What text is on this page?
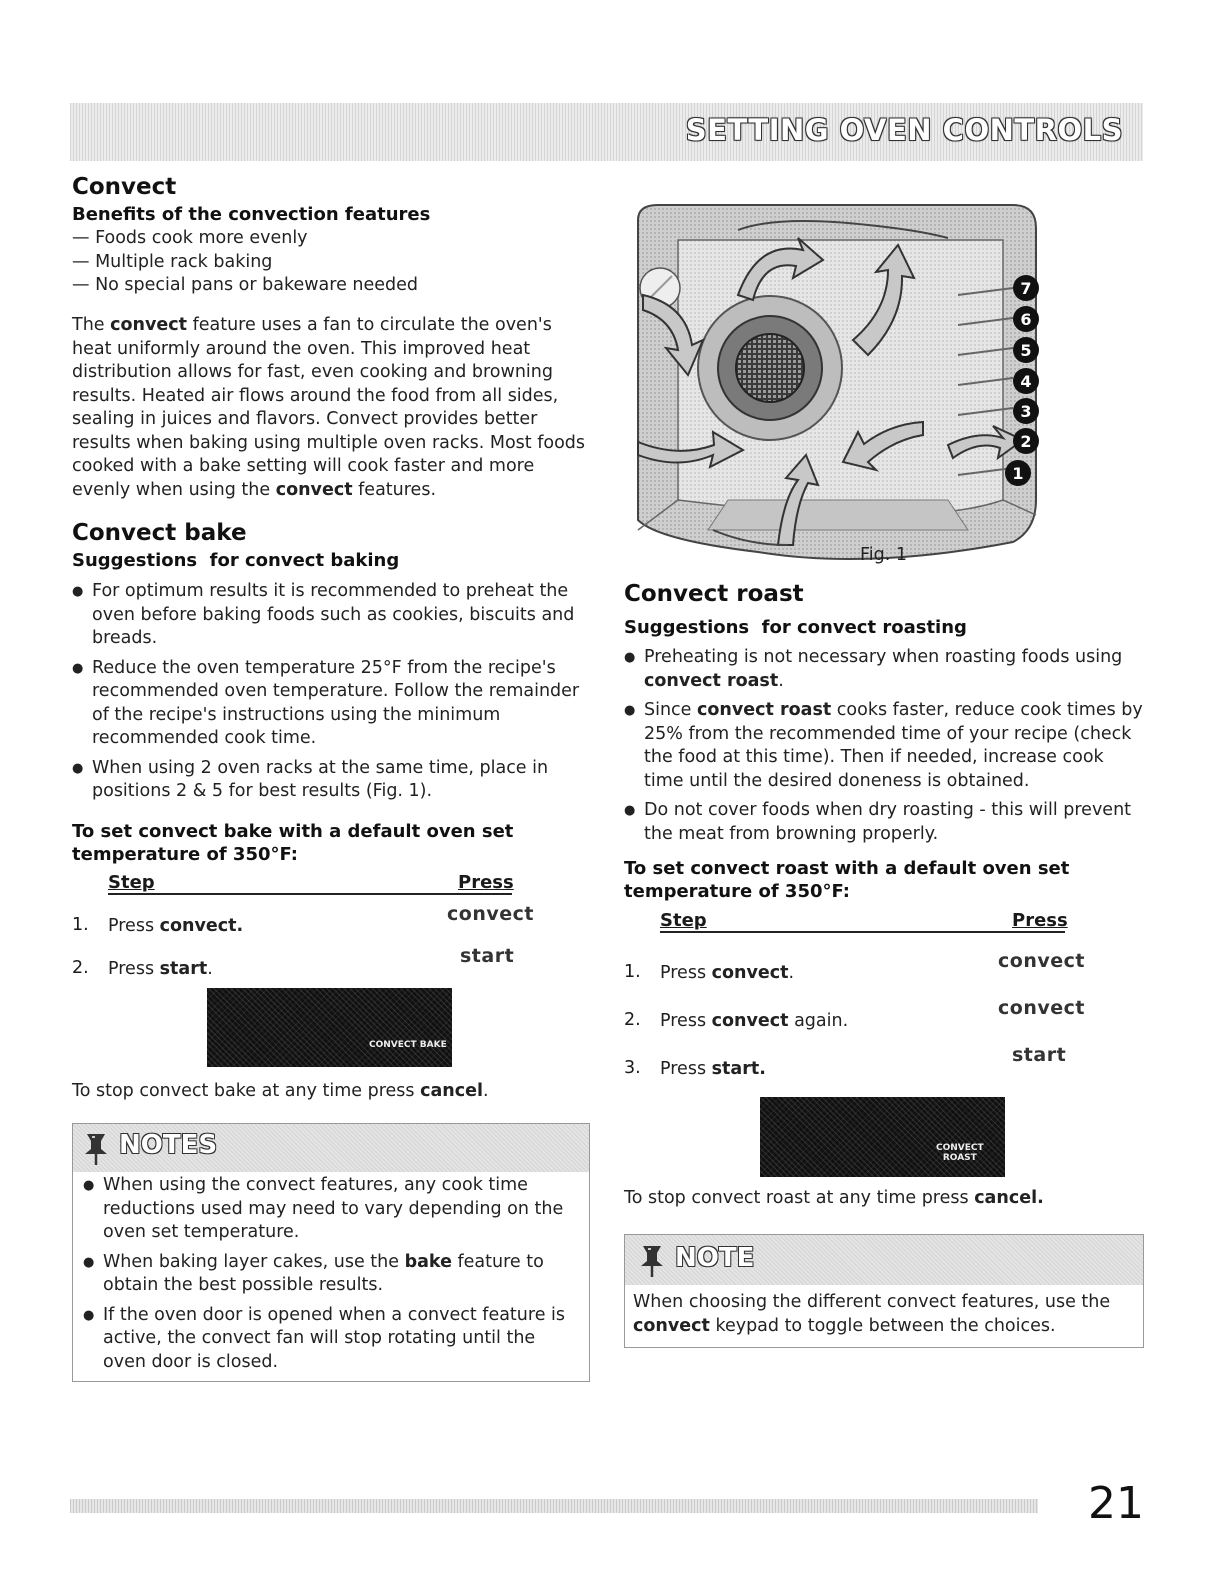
SETTING OVEN CONTROLS
Convect
Benefits of the convection features
— Foods cook more evenly
— Multiple rack baking
— No special pans or bakeware needed
The convect feature uses a fan to circulate the oven's heat uniformly around the oven. This improved heat distribution allows for fast, even cooking and browning results. Heated air flows around the food from all sides, sealing in juices and flavors. Convect provides better results when baking using multiple oven racks. Most foods cooked with a bake setting will cook faster and more evenly when using the convect features.
Convect bake
Suggestions  for convect baking
● For optimum results it is recommended to preheat the oven before baking foods such as cookies, biscuits and breads.
● Reduce the oven temperature 25°F from the recipe's recommended oven temperature. Follow the remainder of the recipe's instructions using the minimum recommended cook time.
● When using 2 oven racks at the same time, place in positions 2 & 5 for best results (Fig. 1).
To set convect bake with a default oven set temperature of 350°F:
Step	Press
1. Press convect.
convect
2. Press start.
start
CONVECT BAKE
To stop convect bake at any time press cancel.
NOTES
● When using the convect features, any cook time reductions used may need to vary depending on the oven set temperature.
● When baking layer cakes, use the bake feature to obtain the best possible results.
● If the oven door is opened when a convect feature is active, the convect fan will stop rotating until the oven door is closed.
7
6
5
4
3
2
1
Fig. 1
Convect roast
Suggestions  for convect roasting
● Preheating is not necessary when roasting foods using convect roast.
● Since convect roast cooks faster, reduce cook times by 25% from the recommended time of your recipe (check the food at this time). Then if needed, increase cook time until the desired doneness is obtained.
● Do not cover foods when dry roasting - this will prevent the meat from browning properly.
To set convect roast with a default oven set temperature of 350°F:
Step	Press
1. Press convect.
convect
2. Press convect again.
convect
3. Press start.
start
CONVECT
ROAST
To stop convect roast at any time press cancel.
NOTE
When choosing the different convect features, use the convect keypad to toggle between the choices.
21
